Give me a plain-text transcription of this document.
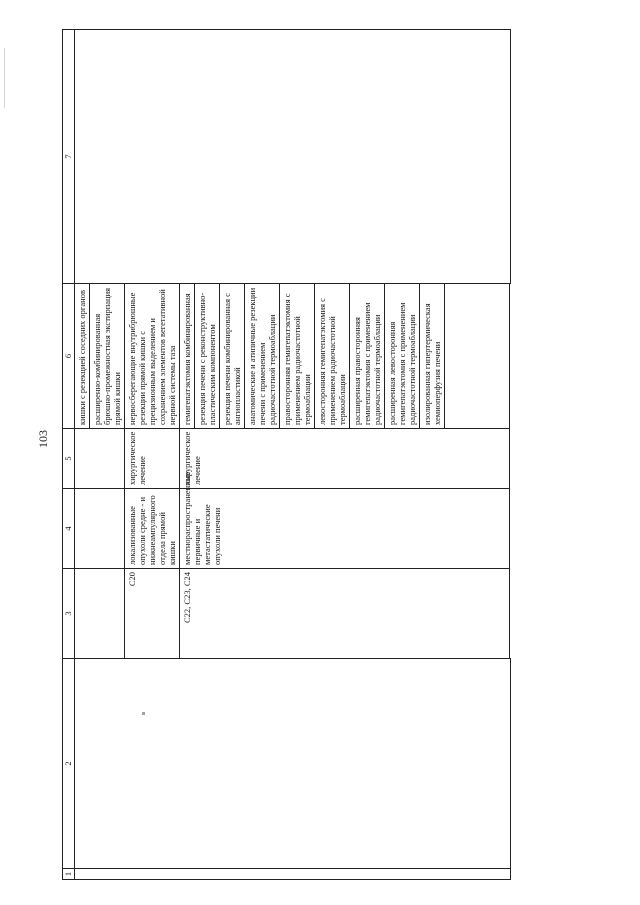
103
1	2	3	4	5	6	7
					кишки с резекцией соседних органов	
					расширенно-комбинированная брюшно-промежностная экстирпация прямой кишки	
		C20	локализованные опухоли средне - и нижнеампулярного отдела прямой кишки	хирургическое лечение	нервосберегающие внутрибрюшные резекции прямой кишки с прецизионным выделением и сохранением элементов вегетативной нервной системы таза	
		C22, C23, C24	местнораспространенные первичные и метастатические опухоли печени	хирургическое лечение	гемигепатэктомия комбинированная	
					резекция печени с реконструктивно-пластическим компонентом	
					резекция печени комбинированная с ангиопластикой	
					анатомические и атипичные резекции печени с применением радиочастотной термоаблации	
					правосторонняя гемигепатэктомия с применением радиочастотной термоаблации	
					левосторонняя гемигепатэктомия с применением радиочастотной термоаблации	
					расширенная правосторонняя гемигепатэктомия с применением радиочастотной термоаблации	
					расширенная левосторонняя гемигепатэктомия с применением радиочастотной термоаблации	
					изолированная гипертермическая хемиоперфузия печени	
